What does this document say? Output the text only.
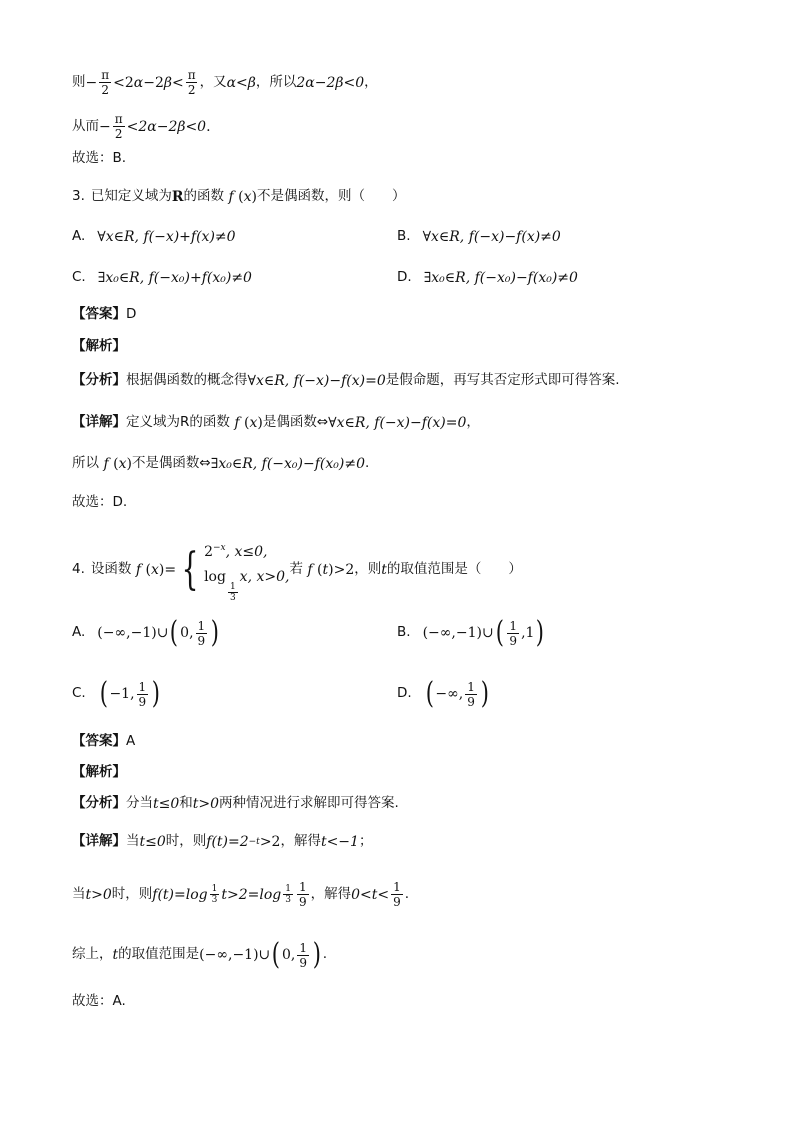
则 − $\frac{\pi}{2} <2\alpha-2\beta< \frac{\pi}{2}$ ，又 α<β ，所以 2α−2β<0 ，
从而 − $\frac{\pi}{2} <2\alpha-2\beta<0$ .
故选：B.
3. 已知定义域为 R 的函数 f ( x ) 不是偶函数，则（　　）
A. ∀x∈R, f(−x)+f(x)≠0	B. ∀x∈R, f(−x)−f(x)≠0
C. ∃x₀∈R, f(−x₀)+f(x₀)≠0	D. ∃x₀∈R, f(−x₀)−f(x₀)≠0
【答案】 D
【解析】
【分析】 根据偶函数的概念得 ∀x∈R, f(−x)−f(x)=0 是假命题，再写其否定形式即可得答案.
【详解】 定义域为R的函数 f ( x ) 是偶函数⇔ ∀x∈R, f(−x)−f(x)=0 ，
所以 f ( x ) 不是偶函数⇔ ∃x₀∈R, f(−x₀)−f(x₀)≠0 .
故选：D.
4. 设函数 f ( x )= { $2^{-x}$, x≤0,
log
$\frac{1}{3}$
x, x>0,
若 f ( t )>2 ，则 t 的取值范围是（　　）
A. (−∞,−1)∪ ( 0, $\frac{1}{9}$ )	B. (−∞,−1)∪ ( $\frac{1}{9} ,1$ )
C. ( −1, $\frac{1}{9}$ )	D. ( −∞, $\frac{1}{9}$ )
【答案】 A
【解析】
【分析】 分当 t≤0 和 t>0 两种情况进行求解即可得答案.
【详解】 当 t≤0 时，则 f(t)=2 −t >2 ，解得 t<−1 ；
当 t>0 时，则 $f(t)=\log \frac{1}{3} t>2=\log \frac{1}{3} \frac{1}{9}$ ，解得 $0<t< \frac{1}{9}$ .
综上， t 的取值范围是 (−∞,−1)∪ ( 0, $\frac{1}{9}$ ) .
故选：A.
